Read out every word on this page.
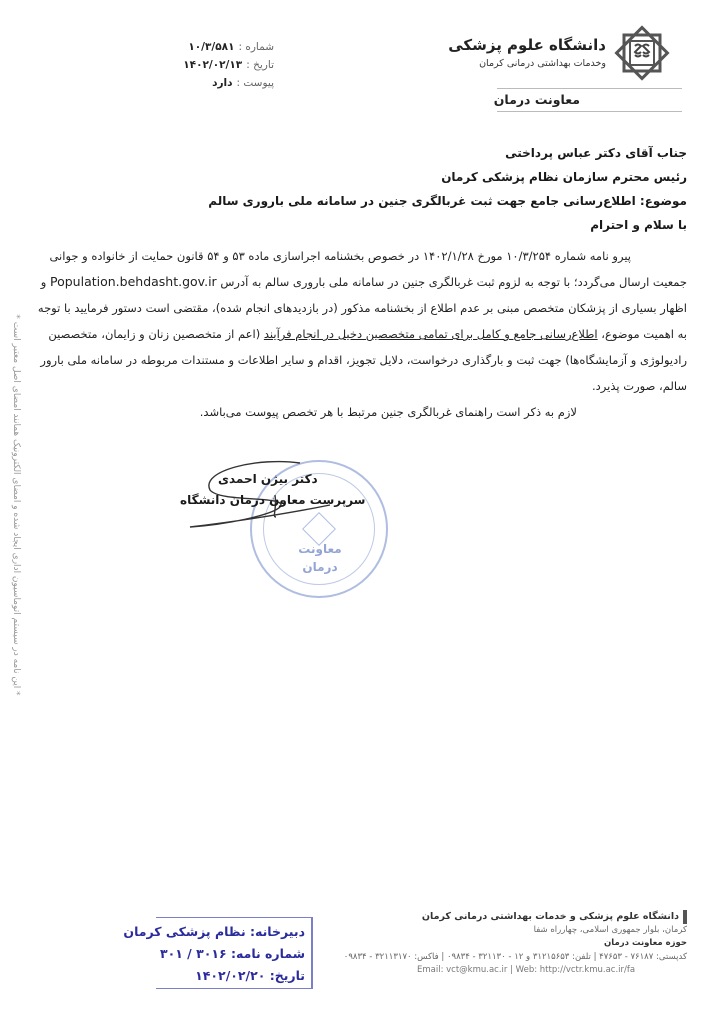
دانشگاه علوم پزشکی
وخدمات بهداشتی درمانی کرمان
معاونت درمان
شماره :
۱۰/۳/۵۸۱
تاریخ :
۱۴۰۲/۰۲/۱۳
پیوست :
دارد
جناب آقای دکتر عباس پرداختی
رئیس محترم سازمان نظام پزشکی کرمان
موضوع: اطلاع‌رسانی جامع جهت ثبت غربالگری جنین در سامانه ملی باروری سالم
با سلام و احترام
پیرو نامه شماره ۱۰/۳/۲۵۴ مورخ ۱۴۰۲/۱/۲۸ در خصوص بخشنامه اجراسازی ماده ۵۳ و ۵۴ قانون حمایت از خانواده و جوانی
جمعیت ارسال می‌گردد؛ با توجه به لزوم ثبت غربالگری جنین در سامانه ملی باروری سالم به آدرس Population.behdasht.gov.ir و
اظهار بسیاری از پزشکان متخصص مبنی بر عدم اطلاع از بخشنامه مذکور (در بازدیدهای انجام شده)، مقتضی است دستور فرمایید با توجه
به اهمیت موضوع، اطلاع‌رسانی جامع و کامل برای تمامی متخصصین دخیل در انجام فرآیند (اعم از متخصصین زنان و زایمان، متخصصین
رادیولوژی و آزمایشگاه‌ها) جهت ثبت و بارگذاری درخواست، دلایل تجویز، اقدام و سایر اطلاعات و مستندات مربوطه در سامانه ملی بارور
سالم، صورت پذیرد.
لازم به ذکر است راهنمای غربالگری جنین مرتبط با هر تخصص پیوست می‌باشد.
معاونت
درمان
دکتر بیژن احمدی
سرپرست معاون درمان دانشگاه
* این نامه در سیستم اتوماسیون اداری ایجاد شده و امضای الکترونیک همانند امضای اصل معتبر است *
دانشگاه علوم پزشکی و خدمات بهداشتی درمانی کرمان
کرمان، بلوار جمهوری اسلامی، چهارراه شفا
حوزه معاونت درمان
کدپستی: ۷۶۱۸۷ - ۴۷۶۵۳ | تلفن: ۳۱۲۱۵۶۵۳ و ۱۲ - ۳۲۱۱۳۰ - ۰۹۸۳۴ | فاکس: ۳۲۱۱۳۱۷۰ - ۰۹۸۳۴
Email: vct@kmu.ac.ir | Web: http://vctr.kmu.ac.ir/fa
دبیرخانه: نظام پزشکی کرمان
شماره نامه: ۳۰۱۶ / ۳۰۱
تاریخ: ۱۴۰۲/۰۲/۲۰
